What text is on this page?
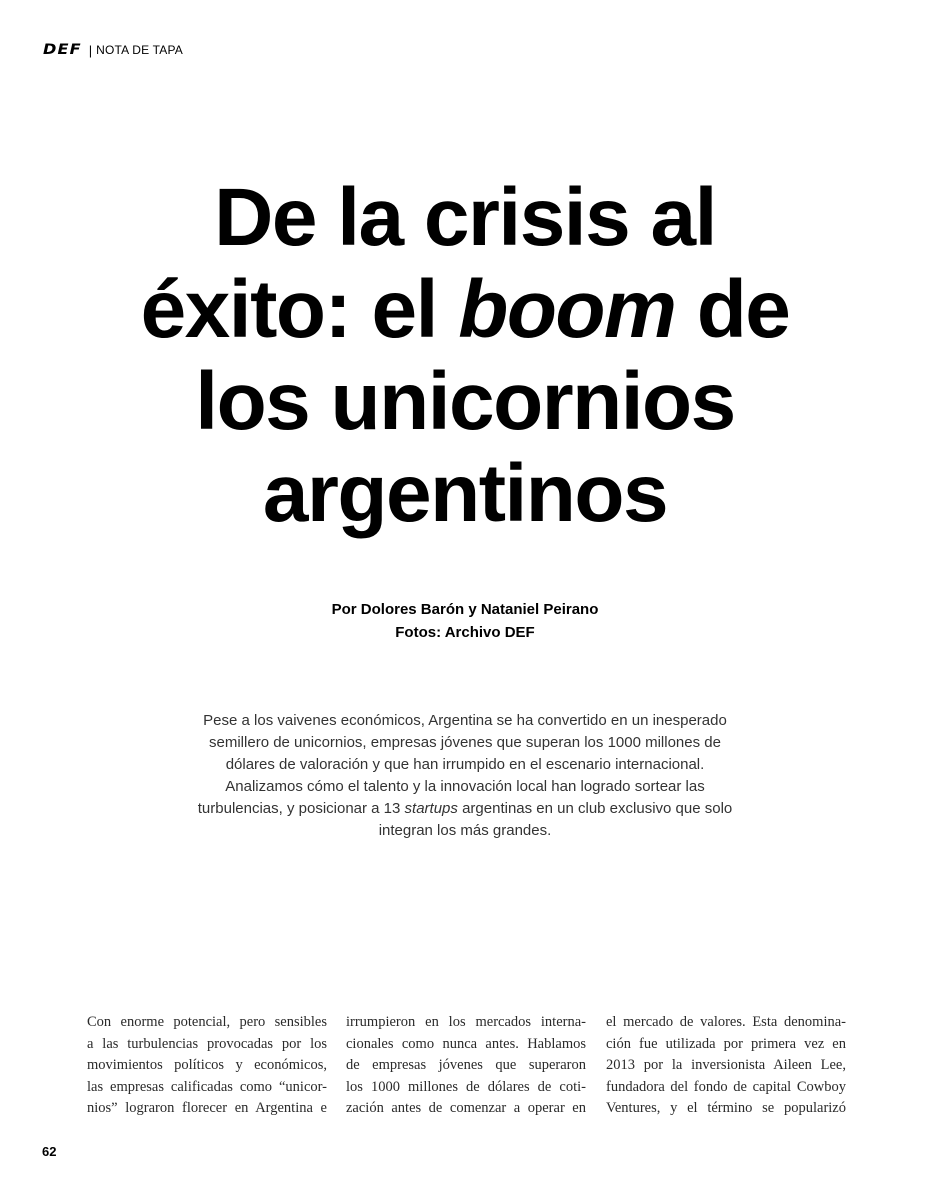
DEF | NOTA DE TAPA
De la crisis al
éxito: el boom de
los unicornios
argentinos
Por Dolores Barón y Nataniel Peirano
Fotos: Archivo DEF

Pese a los vaivenes económicos, Argentina se ha convertido en un inesperado semillero de unicornios, empresas jóvenes que superan los 1000 millones de dólares de valoración y que han irrumpido en el escenario internacional. Analizamos cómo el talento y la innovación local han logrado sortear las turbulencias, y posicionar a 13 startups argentinas en un club exclusivo que solo integran los más grandes.

Con enorme potencial, pero sensibles
a las turbulencias provocadas por los
movimientos políticos y económicos,
las empresas calificadas como “unicor-
nios” lograron florecer en Argentina e
irrumpieron en los mercados interna-
cionales como nunca antes. Hablamos
de empresas jóvenes que superaron
los 1000 millones de dólares de coti-
zación antes de comenzar a operar en
el mercado de valores. Esta denomina-
ción fue utilizada por primera vez en
2013 por la inversionista Aileen Lee,
fundadora del fondo de capital Cowboy
Ventures, y el término se popularizó
62
